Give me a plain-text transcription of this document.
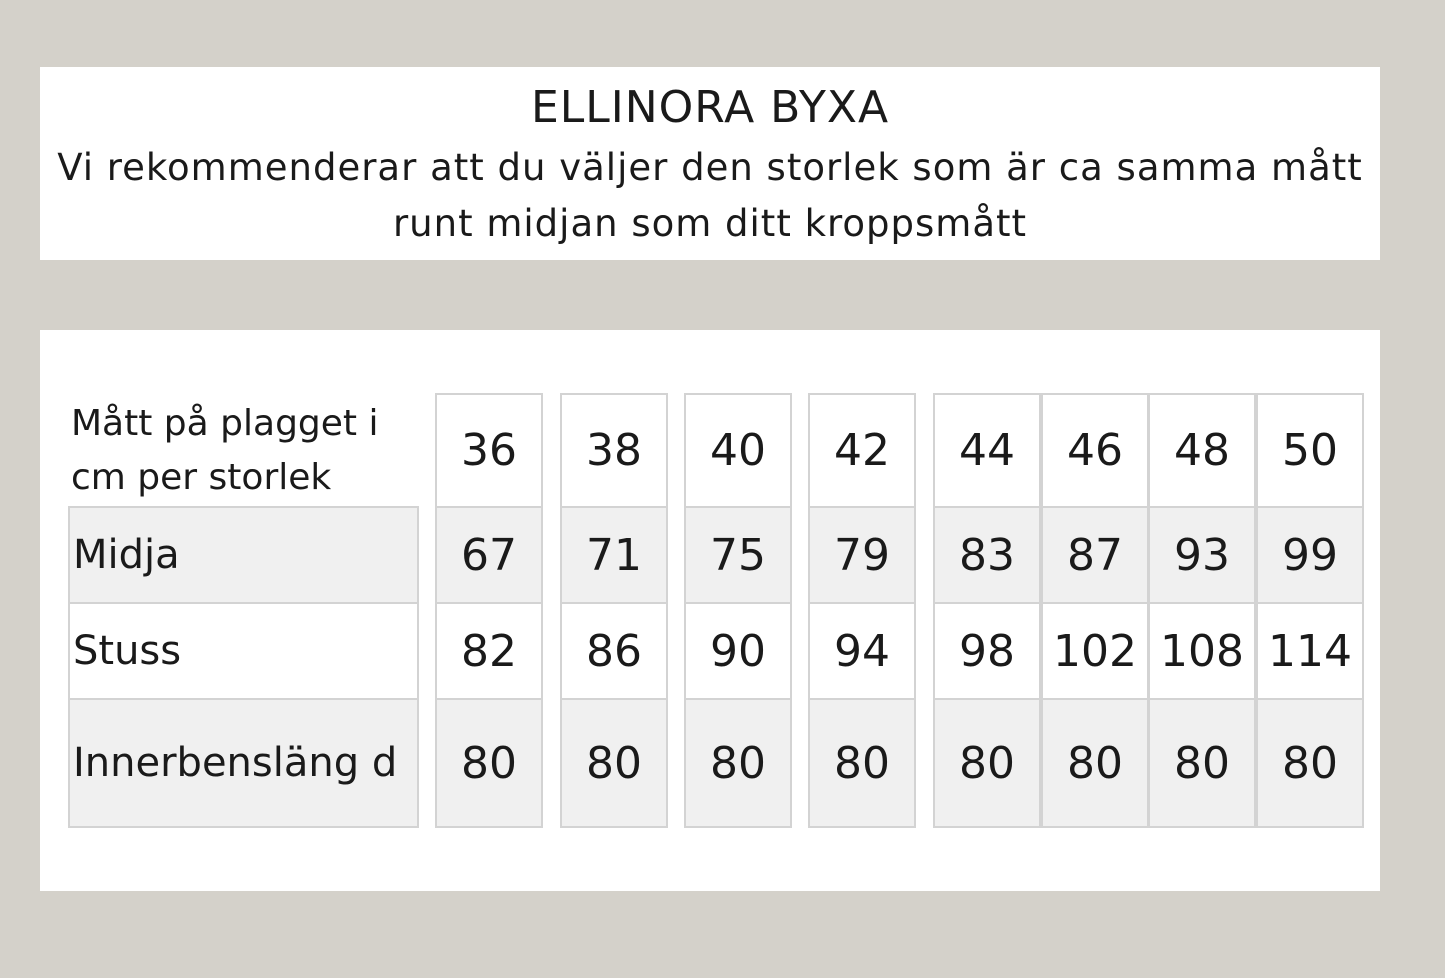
ELLINORA BYXA
Vi rekommenderar att du väljer den storlek som är ca samma mått runt midjan som ditt kroppsmått
Mått på plagget i cm per storlek
36	38	40	42	44	46	48	50
Midja	67	71	75	79	83	87	93	99
Stuss	82	86	90	94	98 102 108 114
Innerbensläng d	80	80	80	80	80	80	80	80
